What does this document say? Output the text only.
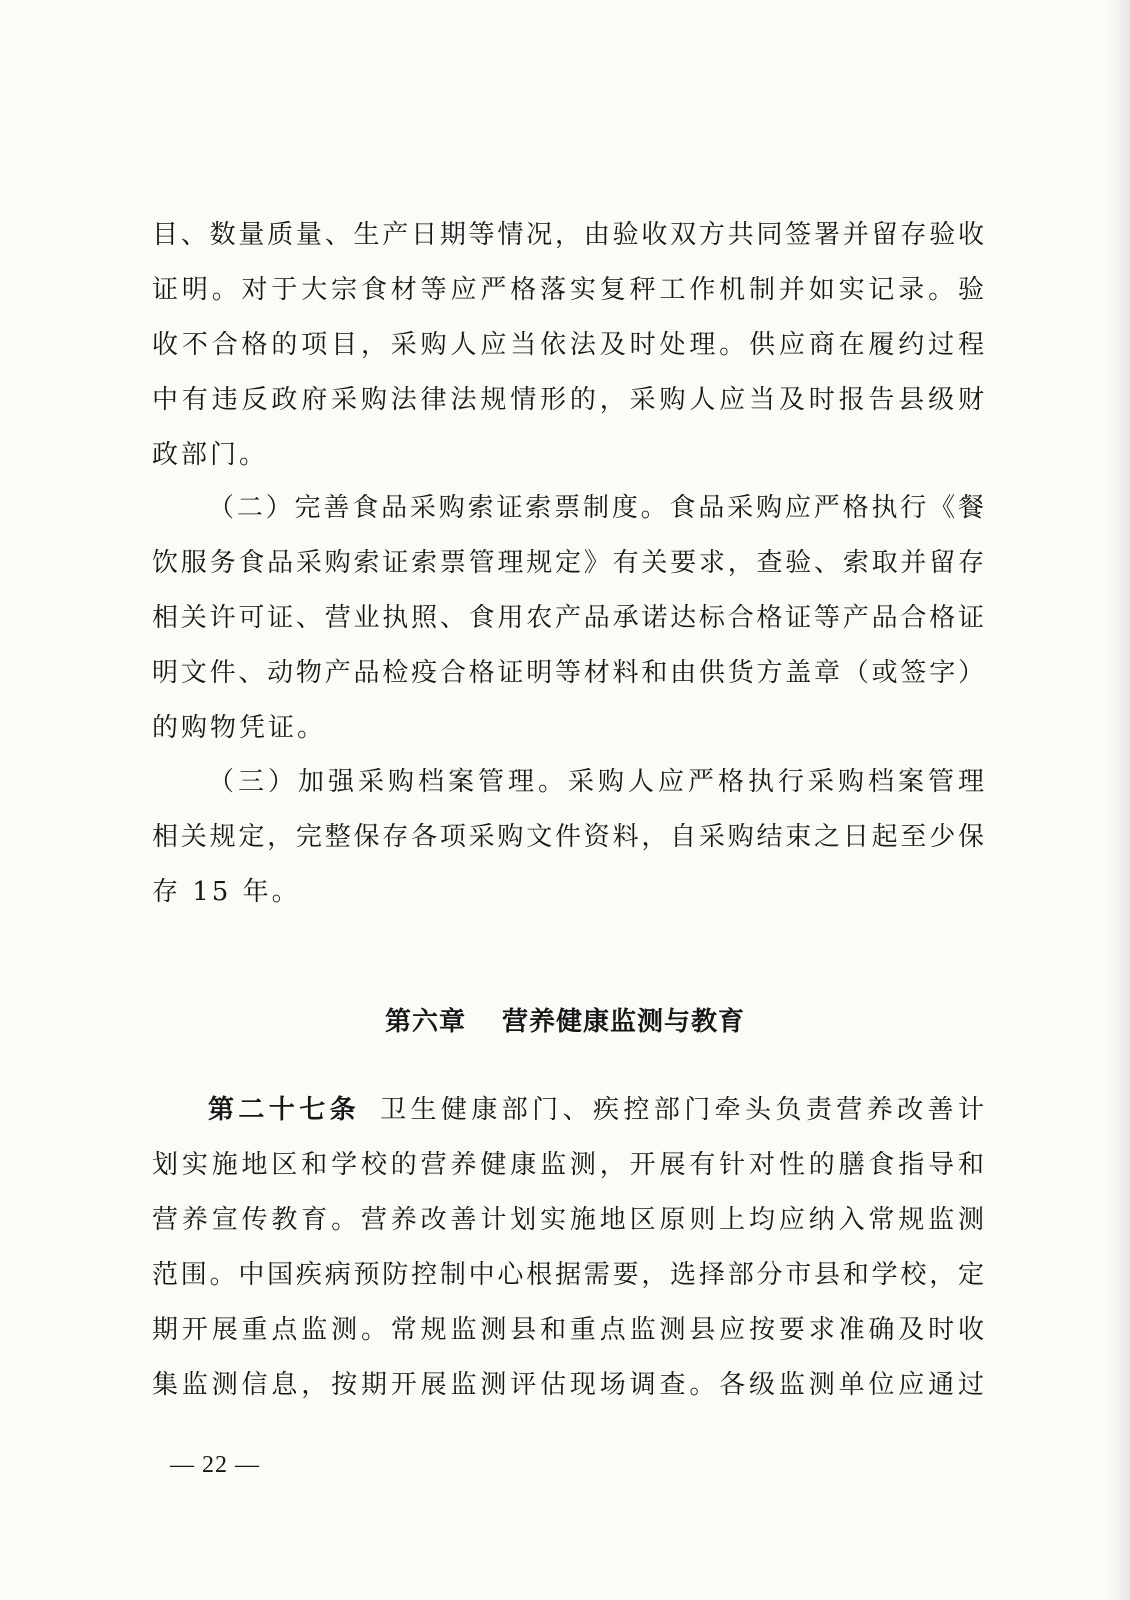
目、数量质量、生产日期等情况，由验收双方共同签署并留存验收
证明。对于大宗食材等应严格落实复秤工作机制并如实记录。验
收不合格的项目，采购人应当依法及时处理。供应商在履约过程
中有违反政府采购法律法规情形的，采购人应当及时报告县级财
政部门。
（二）完善食品采购索证索票制度。食品采购应严格执行《餐
饮服务食品采购索证索票管理规定》有关要求，查验、索取并留存
相关许可证、营业执照、食用农产品承诺达标合格证等产品合格证
明文件、动物产品检疫合格证明等材料和由供货方盖章（或签字）
的购物凭证。
（三）加强采购档案管理。采购人应严格执行采购档案管理
相关规定，完整保存各项采购文件资料，自采购结束之日起至少保
存 15 年。
第六章 营养健康监测与教育
第二十七条 卫生健康部门、疾控部门牵头负责营养改善计
划实施地区和学校的营养健康监测，开展有针对性的膳食指导和
营养宣传教育。营养改善计划实施地区原则上均应纳入常规监测
范围。中国疾病预防控制中心根据需要，选择部分市县和学校，定
期开展重点监测。常规监测县和重点监测县应按要求准确及时收
集监测信息，按期开展监测评估现场调查。各级监测单位应通过
— 22 —
